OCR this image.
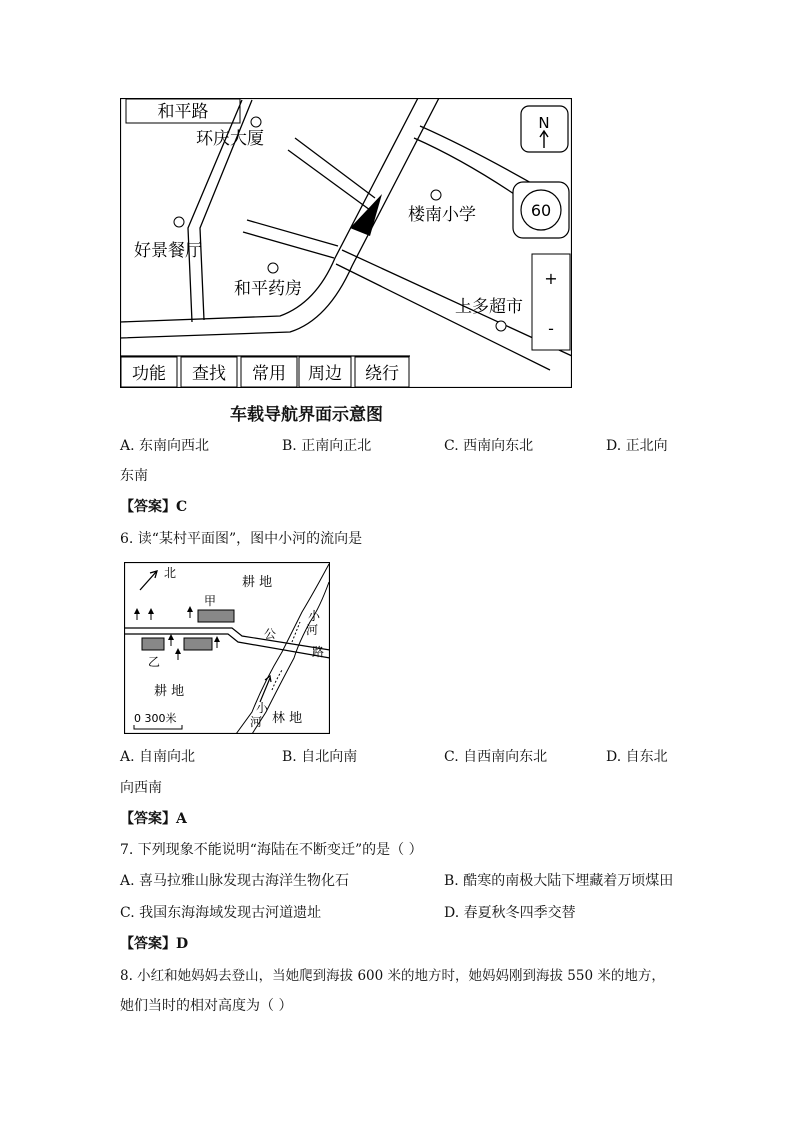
和平路
环庆大厦
好景餐厅
和平药房
楼南小学
上多超市
N
60
+
-
功能 查找 常用 周边 绕行
车载导航界面示意图
A. 东南向西北	B. 正南向正北	C. 西南向东北	D. 正北向
东南
【答案】C
6. 读“某村平面图”，图中小河的流向是
北
耕 地
甲
乙
公
路
小
河
小
河
耕 地
林 地
0 300米
A. 自南向北	B. 自北向南	C. 自西南向东北	D. 自东北
向西南
【答案】A
7. 下列现象不能说明“海陆在不断变迁”的是（ ）
A. 喜马拉雅山脉发现古海洋生物化石	B. 酷寒的南极大陆下埋藏着万顷煤田
C. 我国东海海域发现古河道遗址	D. 春夏秋冬四季交替
【答案】D
8. 小红和她妈妈去登山，当她爬到海拔 600 米的地方时，她妈妈刚到海拔 550 米的地方，
她们当时的相对高度为（ ）
